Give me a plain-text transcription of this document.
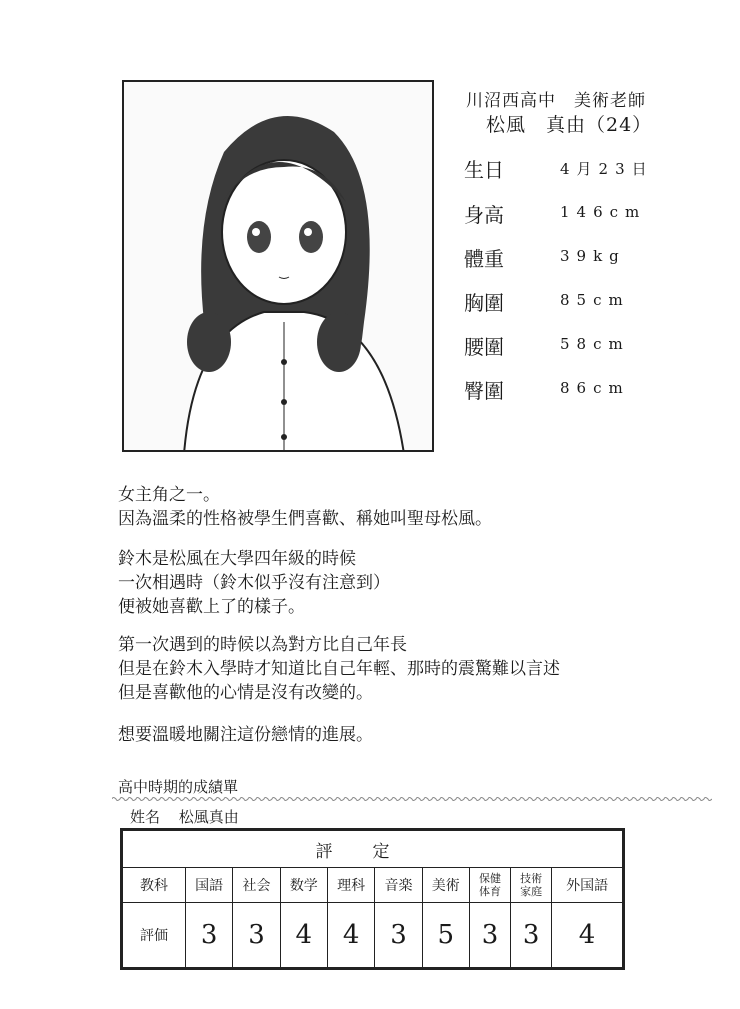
川沼西高中　美術老師
松風　真由（24）
生日	4月23日
身高	146cm
體重	39kg
胸圍	85cm
腰圍	58cm
臀圍	86cm
女主角之一。
因為溫柔的性格被學生們喜歡、稱她叫聖母松風。
鈴木是松風在大學四年級的時候
一次相遇時（鈴木似乎沒有注意到）
便被她喜歡上了的樣子。
第一次遇到的時候以為對方比自己年長
但是在鈴木入學時才知道比自己年輕、那時的震驚難以言述
但是喜歡他的心情是沒有改變的。
想要溫暖地關注這份戀情的進展。
高中時期的成績單
姓名 松風真由
評定									
教科	国語	社会	数学	理科	音楽	美術	保健体育	技術家庭	外国語
評価	3	3	4	4	3	5	3	3	4
